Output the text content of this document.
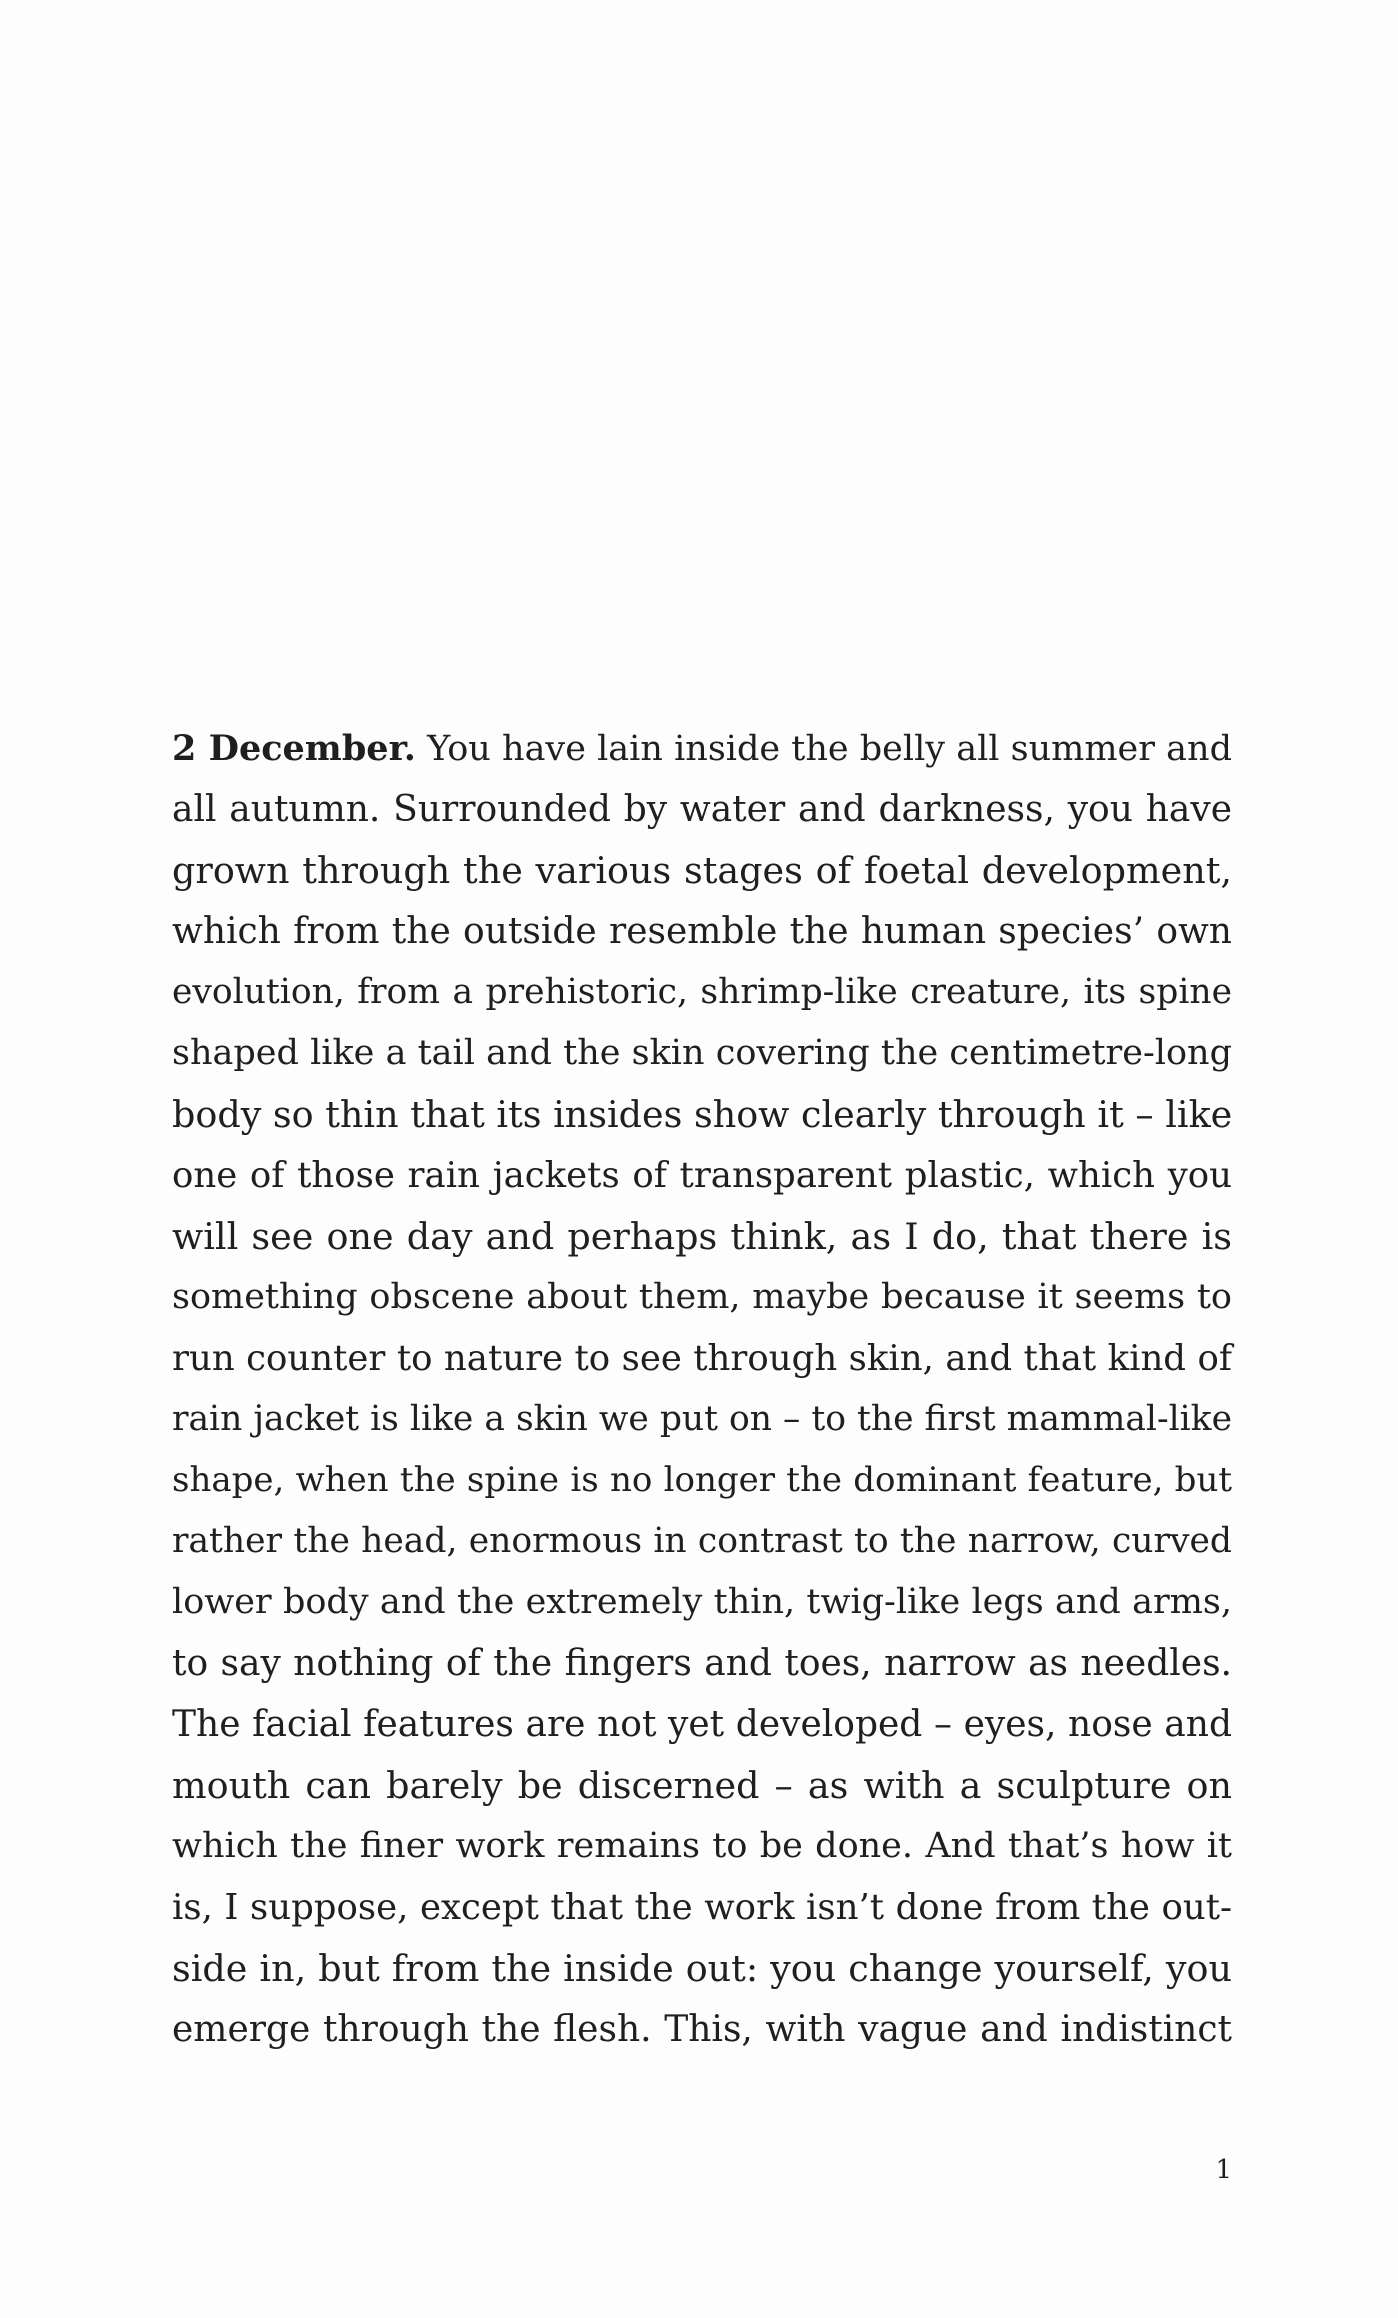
2 December. You have lain inside the belly all summer and
all autumn. Surrounded by water and darkness, you have
grown through the various stages of foetal development,
which from the outside resemble the human species’ own
evolution, from a prehistoric, shrimp-like creature, its spine
shaped like a tail and the skin covering the centimetre-long
body so thin that its insides show clearly through it – like
one of those rain jackets of transparent plastic, which you
will see one day and perhaps think, as I do, that there is
something obscene about them, maybe because it seems to
run counter to nature to see through skin, and that kind of
rain jacket is like a skin we put on – to the first mammal-like
shape, when the spine is no longer the dominant feature, but
rather the head, enormous in contrast to the narrow, curved
lower body and the extremely thin, twig-like legs and arms,
to say nothing of the fingers and toes, narrow as needles.
The facial features are not yet developed – eyes, nose and
mouth can barely be discerned – as with a sculpture on
which the finer work remains to be done. And that’s how it
is, I suppose, except that the work isn’t done from the out-
side in, but from the inside out: you change yourself, you
emerge through the flesh. This, with vague and indistinct
1
